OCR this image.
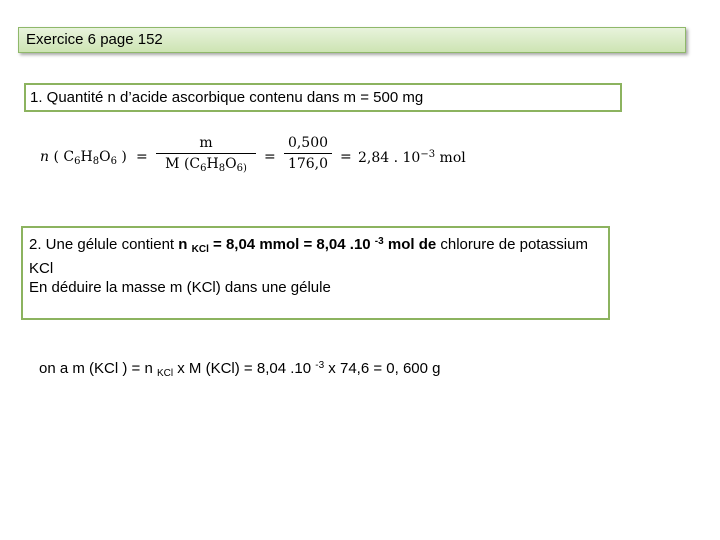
Exercice 6 page 152
1. Quantité n d’acide ascorbique contenu dans m = 500 mg
n ( $C_6H_8O_6$ ) =
m
M ($C_6H_8O_{6)}$
=
0,500
176,0 = 2,84 . $10^{-3}$ mol
2. Une gélule contient n $_{KCl}$ = 8,04 mmol = 8,04 .10 $^{-3}$ mol de chlorure de potassium KCl
En déduire la masse m (KCl) dans une gélule
on a m (KCl ) = n $_{KCl}$ x M (KCl) = 8,04 .10 $^{-3}$ x 74,6 = 0, 600 g
